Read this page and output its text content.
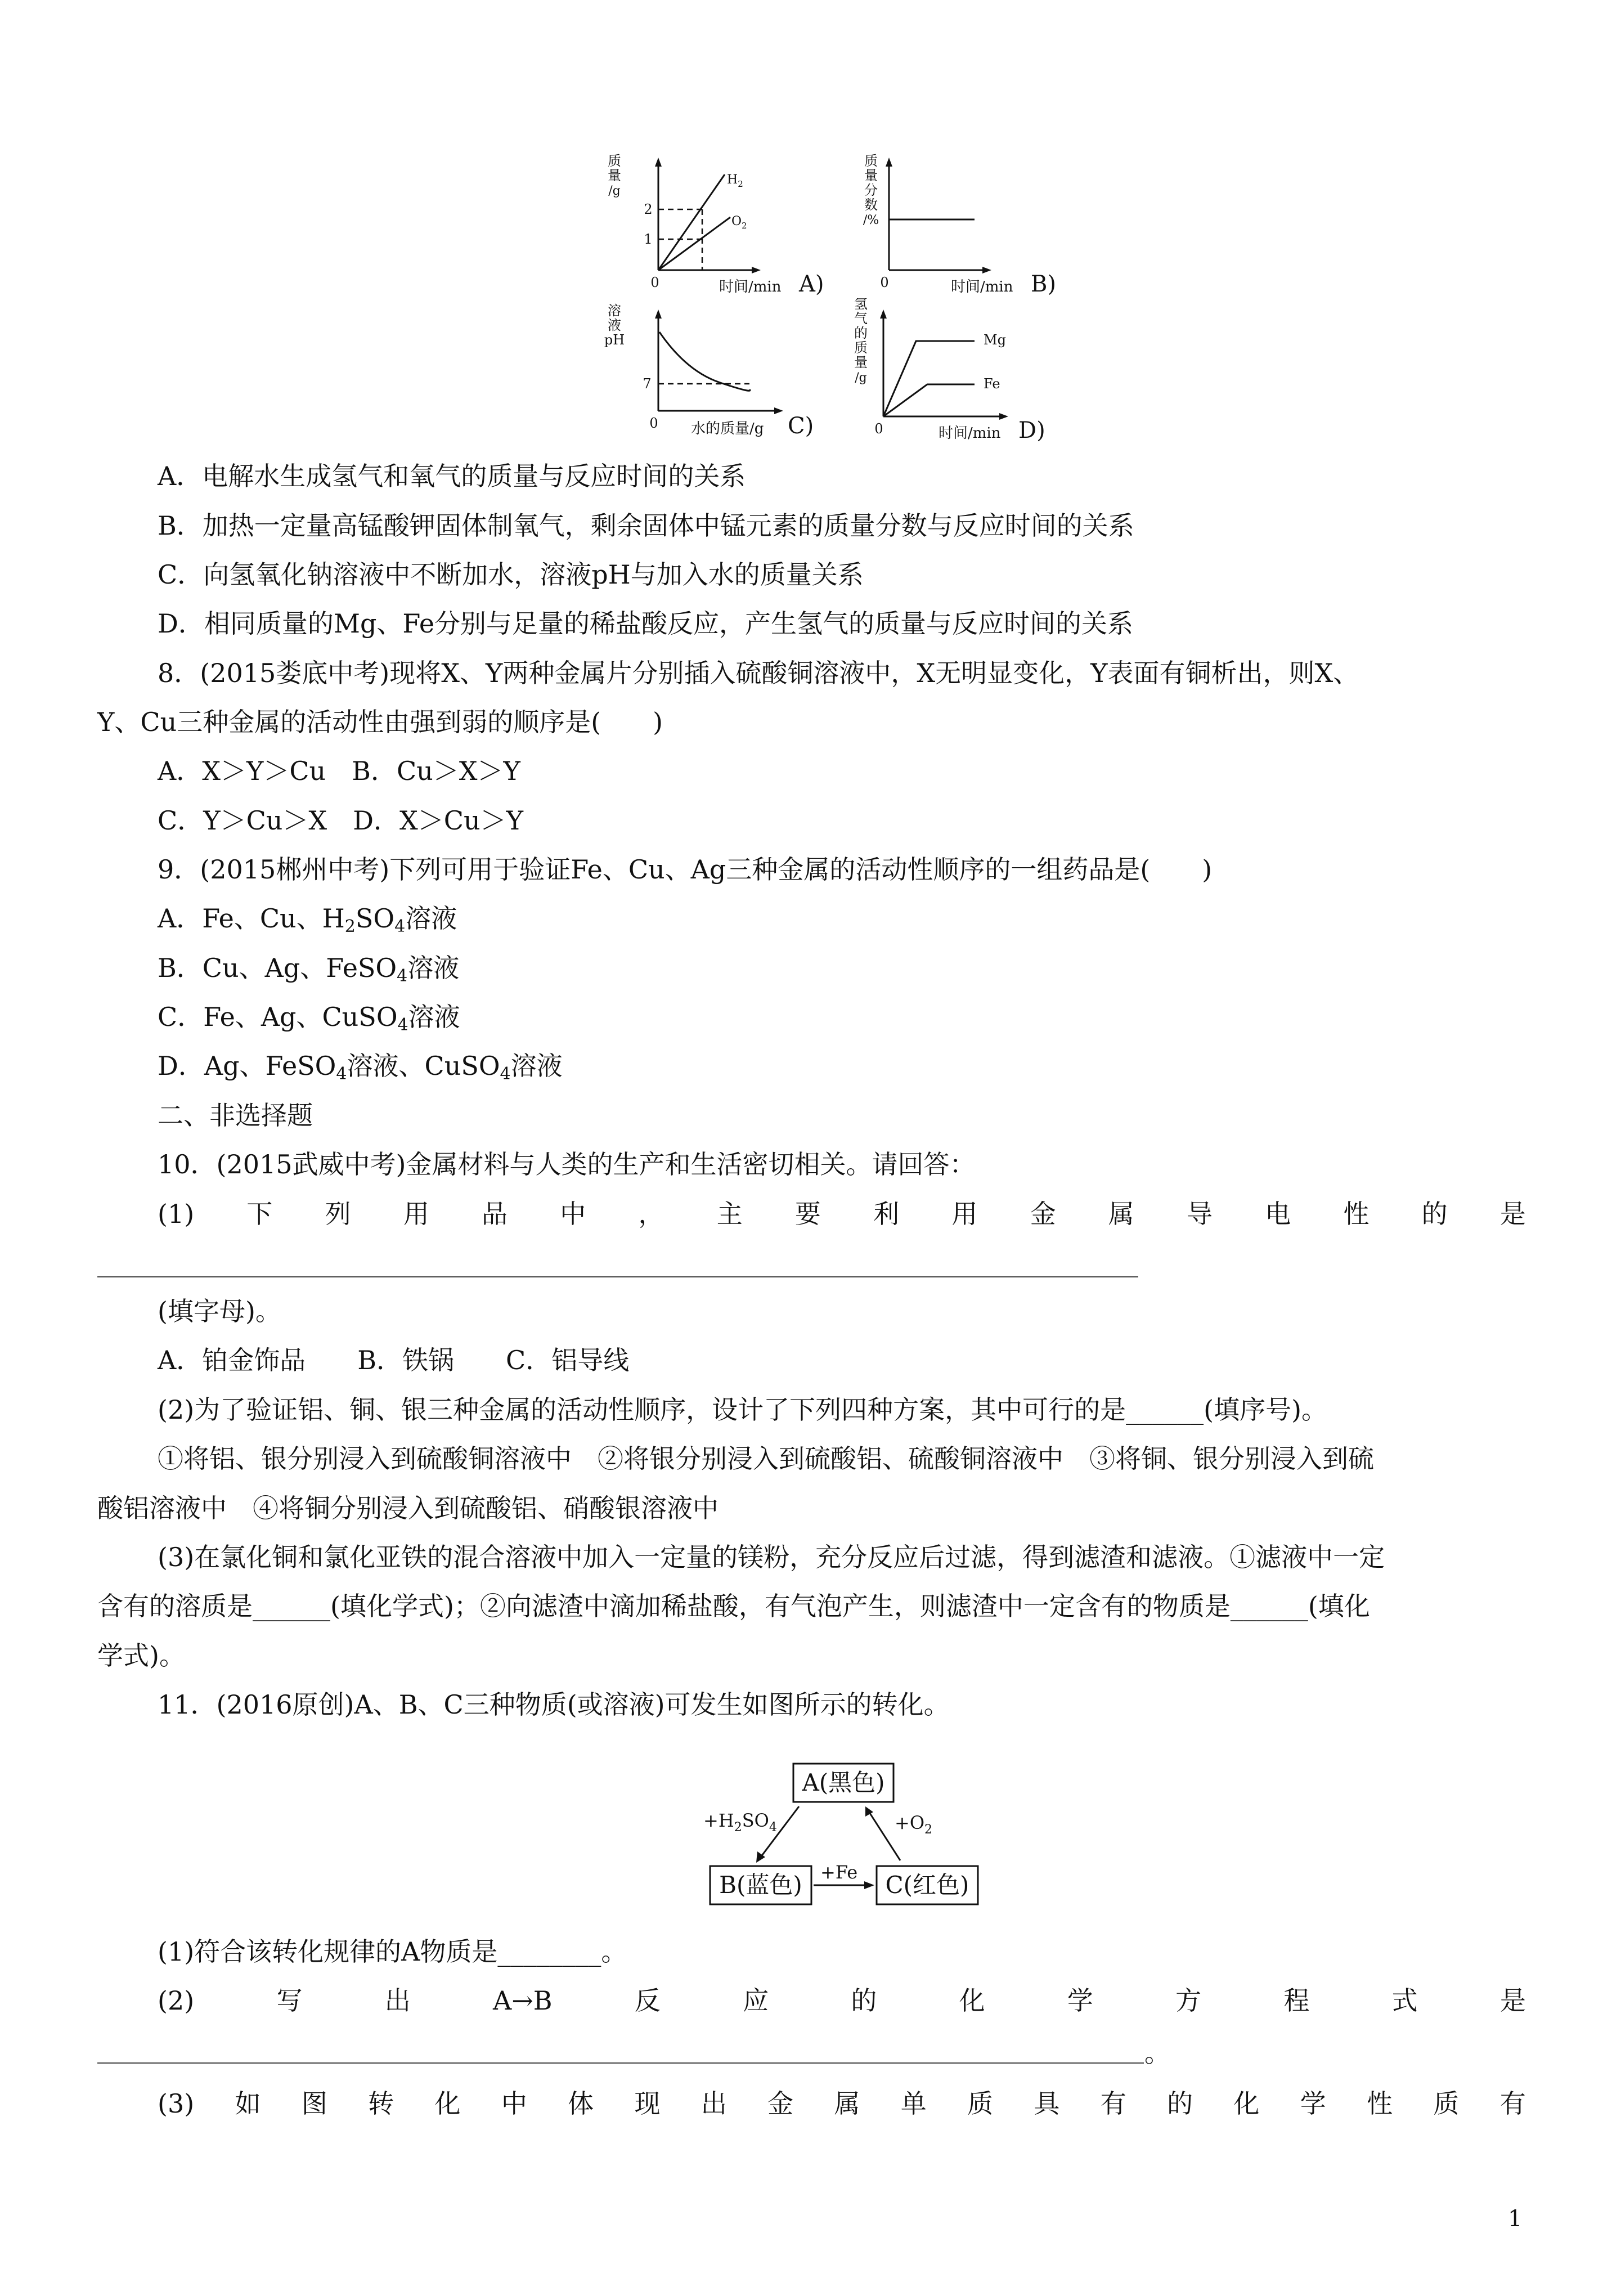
质
量
/g
2
1
0
$H_2$
$O_2$
时间/min A)
质
量
分
数
/%
0	时间/min B)
溶
液
pH
7
0 水的质量/g C)
氢
气
的
质
量
/g
Mg
Fe
0	时间/min D)
A．电解水生成氢气和氧气的质量与反应时间的关系
B．加热一定量高锰酸钾固体制氧气，剩余固体中锰元素的质量分数与反应时间的关系
C．向氢氧化钠溶液中不断加水，溶液pH与加入水的质量关系
D．相同质量的Mg、Fe分别与足量的稀盐酸反应，产生氢气的质量与反应时间的关系
8．(2015娄底中考)现将X、Y两种金属片分别插入硫酸铜溶液中，X无明显变化，Y表面有铜析出，则X、
Y、Cu三种金属的活动性由强到弱的顺序是(　　)
A．X＞Y＞Cu　B．Cu＞X＞Y
C．Y＞Cu＞X　D．X＞Cu＞Y
9．(2015郴州中考)下列可用于验证Fe、Cu、Ag三种金属的活动性顺序的一组药品是(　　)
A．Fe、Cu、$H_2SO_4$溶液
B．Cu、Ag、FeSO$_4$溶液
C．Fe、Ag、CuSO$_4$溶液
D．Ag、FeSO$_4$溶液、CuSO$_4$溶液
二、非选择题
10．(2015武威中考)金属材料与人类的生产和生活密切相关。请回答：
(1) 下 列 用 品 中 ， 主 要 利 用 金 属 导 电 性 的 是
(填字母)。
A．铂金饰品　　B．铁锅　　C．铝导线
(2)为了验证铝、铜、银三种金属的活动性顺序，设计了下列四种方案，其中可行的是______(填序号)。
①将铝、银分别浸入到硫酸铜溶液中　②将银分别浸入到硫酸铝、硫酸铜溶液中　③将铜、银分别浸入到硫
酸铝溶液中　④将铜分别浸入到硫酸铝、硝酸银溶液中
(3)在氯化铜和氯化亚铁的混合溶液中加入一定量的镁粉，充分反应后过滤，得到滤渣和滤液。①滤液中一定
含有的溶质是______(填化学式)；②向滤渣中滴加稀盐酸，有气泡产生，则滤渣中一定含有的物质是______(填化
学式)。
11．(2016原创)A、B、C三种物质(或溶液)可发生如图所示的转化。
A(黑色)
B(蓝色)	C(红色)
$+H_2SO_4$
+Fe
$+O_2$
(1)符合该转化规律的A物质是________。
(2)	写	出	A→B	反	应	的	化	学	方	程	式	是
。
(3) 如 图 转 化 中 体 现 出 金 属 单 质 具 有 的 化 学 性 质 有
1
